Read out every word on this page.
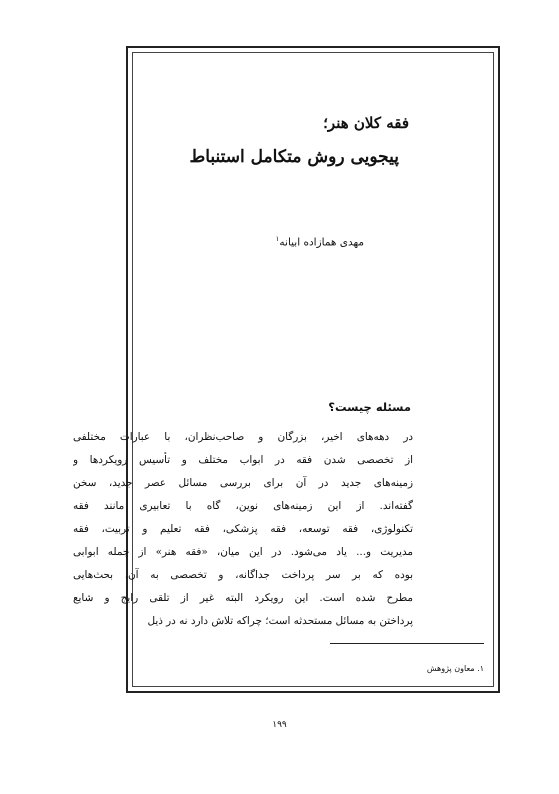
فقه کلان هنر؛
پیجویی روش متکامل استنباط
مهدی همازاده ابیانه$^۱$
مسئله چیست؟
در دهه‌های اخیر، بزرگان و صاحب‌نظران، با عبارات مختلفی
از تخصصی شدن فقه در ابواب مختلف و تأسیس رویکردها و
زمینه‌های جدید در آن برای بررسی مسائل عصر جدید، سخن
گفته‌اند. از این زمینه‌های نوین، گاه با تعابیری مانند فقه
تکنولوژی، فقه توسعه، فقه پزشکی، فقه تعلیم و تربیت، فقه
مدیریت و... یاد می‌شود. در این میان، «فقه هنر» از جمله ابوابی
بوده که بر سر پرداخت جداگانه، و تخصصی به آن، بحث‌هایی
مطرح شده است. این رویکرد البته غیر از تلقی رایج و شایع
پرداختن به مسائل مستحدثه است؛ چراکه تلاش دارد نه در ذیل
۱. معاون پژوهش
۱۹۹
